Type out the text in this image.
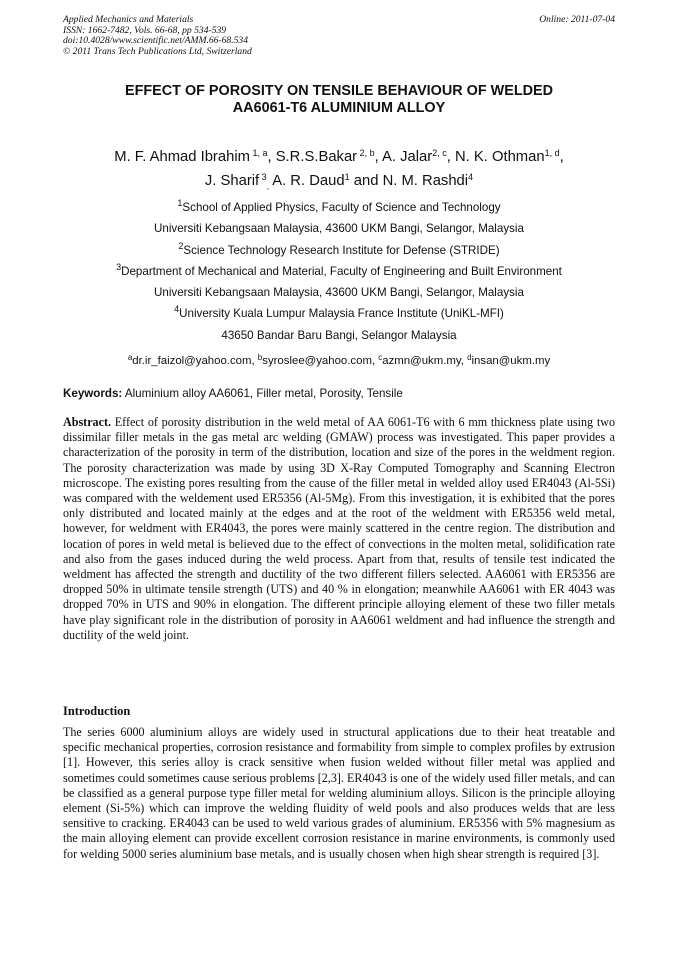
Applied Mechanics and Materials
ISSN: 1662-7482, Vols. 66-68, pp 534-539
doi:10.4028/www.scientific.net/AMM.66-68.534
© 2011 Trans Tech Publications Ltd, Switzerland
Online: 2011-07-04
EFFECT OF POROSITY ON TENSILE BEHAVIOUR OF WELDED
AA6061-T6 ALUMINIUM ALLOY
M. F. Ahmad Ibrahim $^{1, a}$, S.R.S.Bakar $^{2, b}$, A. Jalar$^{2, c}$, N. K. Othman$^{1, d}$,
J. Sharif $^3_,$ A. R. Daud$^1$ and N. M. Rashdi$^4$
$^1$School of Applied Physics, Faculty of Science and Technology
Universiti Kebangsaan Malaysia, 43600 UKM Bangi, Selangor, Malaysia
$^2$Science Technology Research Institute for Defense (STRIDE)
$^3$Department of Mechanical and Material, Faculty of Engineering and Built Environment
Universiti Kebangsaan Malaysia, 43600 UKM Bangi, Selangor, Malaysia
$^4$University Kuala Lumpur Malaysia France Institute (UniKL-MFI)
43650 Bandar Baru Bangi, Selangor Malaysia
$^a$dr.ir_faizol@yahoo.com, $^b$syroslee@yahoo.com, $^c$azmn@ukm.my, $^d$insan@ukm.my
Keywords: Aluminium alloy AA6061, Filler metal, Porosity, Tensile
Abstract. Effect of porosity distribution in the weld metal of AA 6061-T6 with 6 mm thickness plate using two dissimilar filler metals in the gas metal arc welding (GMAW) process was investigated. This paper provides a characterization of the porosity in term of the distribution, location and size of the pores in the weldment region. The porosity characterization was made by using 3D X-Ray Computed Tomography and Scanning Electron microscope. The existing pores resulting from the cause of the filler metal in welded alloy used ER4043 (Al-5Si) was compared with the weldement used ER5356 (Al-5Mg). From this investigation, it is exhibited that the pores only distributed and located mainly at the edges and at the root of the weldment with ER5356 weld metal, however, for weldment with ER4043, the pores were mainly scattered in the centre region. The distribution and location of pores in weld metal is believed due to the effect of convections in the molten metal, solidification rate and also from the gases induced during the weld process. Apart from that, results of tensile test indicated the weldment has affected the strength and ductility of the two different fillers selected. AA6061 with ER5356 are dropped 50% in ultimate tensile strength (UTS) and 40 % in elongation; meanwhile AA6061 with ER 4043 was dropped 70% in UTS and 90% in elongation. The different principle alloying element of these two filler metals have play significant role in the distribution of porosity in AA6061 weldment and had influence the strength and ductility of the weld joint.
Introduction
The series 6000 aluminium alloys are widely used in structural applications due to their heat treatable and specific mechanical properties, corrosion resistance and formability from simple to complex profiles by extrusion [1]. However, this series alloy is crack sensitive when fusion welded without filler metal was applied and sometimes could sometimes cause serious problems [2,3]. ER4043 is one of the widely used filler metals, and can be classified as a general purpose type filler metal for welding aluminium alloys. Silicon is the principle alloying element (Si-5%) which can improve the welding fluidity of weld pools and also produces welds that are less sensitive to cracking. ER4043 can be used to weld various grades of aluminium. ER5356 with 5% magnesium as the main alloying element can provide excellent corrosion resistance in marine environments, is commonly used for welding 5000 series aluminium base metals, and is usually chosen when high shear strength is required [3].
